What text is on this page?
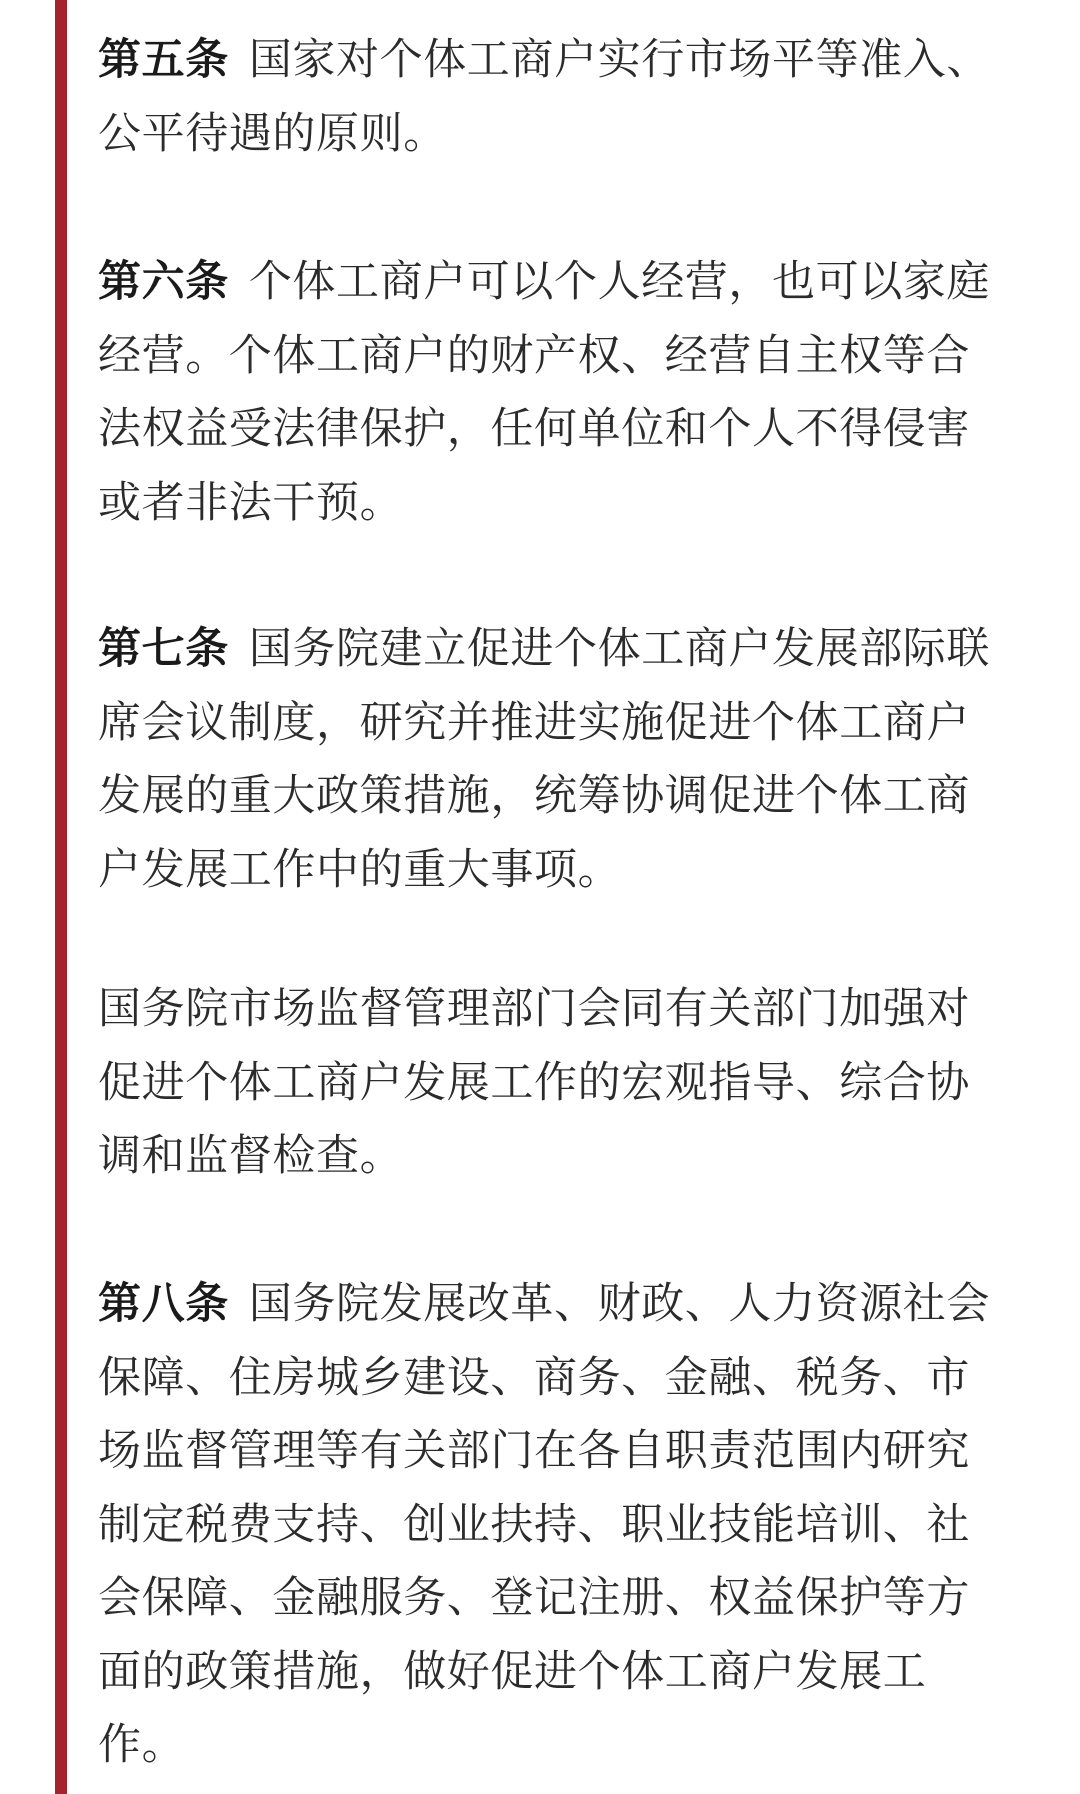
第五条 国家对个体工商户实行市场平等准入、公平待遇的原则。

第六条 个体工商户可以个人经营，也可以家庭经营。个体工商户的财产权、经营自主权等合法权益受法律保护，任何单位和个人不得侵害或者非法干预。

第七条 国务院建立促进个体工商户发展部际联席会议制度，研究并推进实施促进个体工商户发展的重大政策措施，统筹协调促进个体工商户发展工作中的重大事项。

国务院市场监督管理部门会同有关部门加强对促进个体工商户发展工作的宏观指导、综合协调和监督检查。

第八条 国务院发展改革、财政、人力资源社会保障、住房城乡建设、商务、金融、税务、市场监督管理等有关部门在各自职责范围内研究制定税费支持、创业扶持、职业技能培训、社会保障、金融服务、登记注册、权益保护等方面的政策措施，做好促进个体工商户发展工作。
